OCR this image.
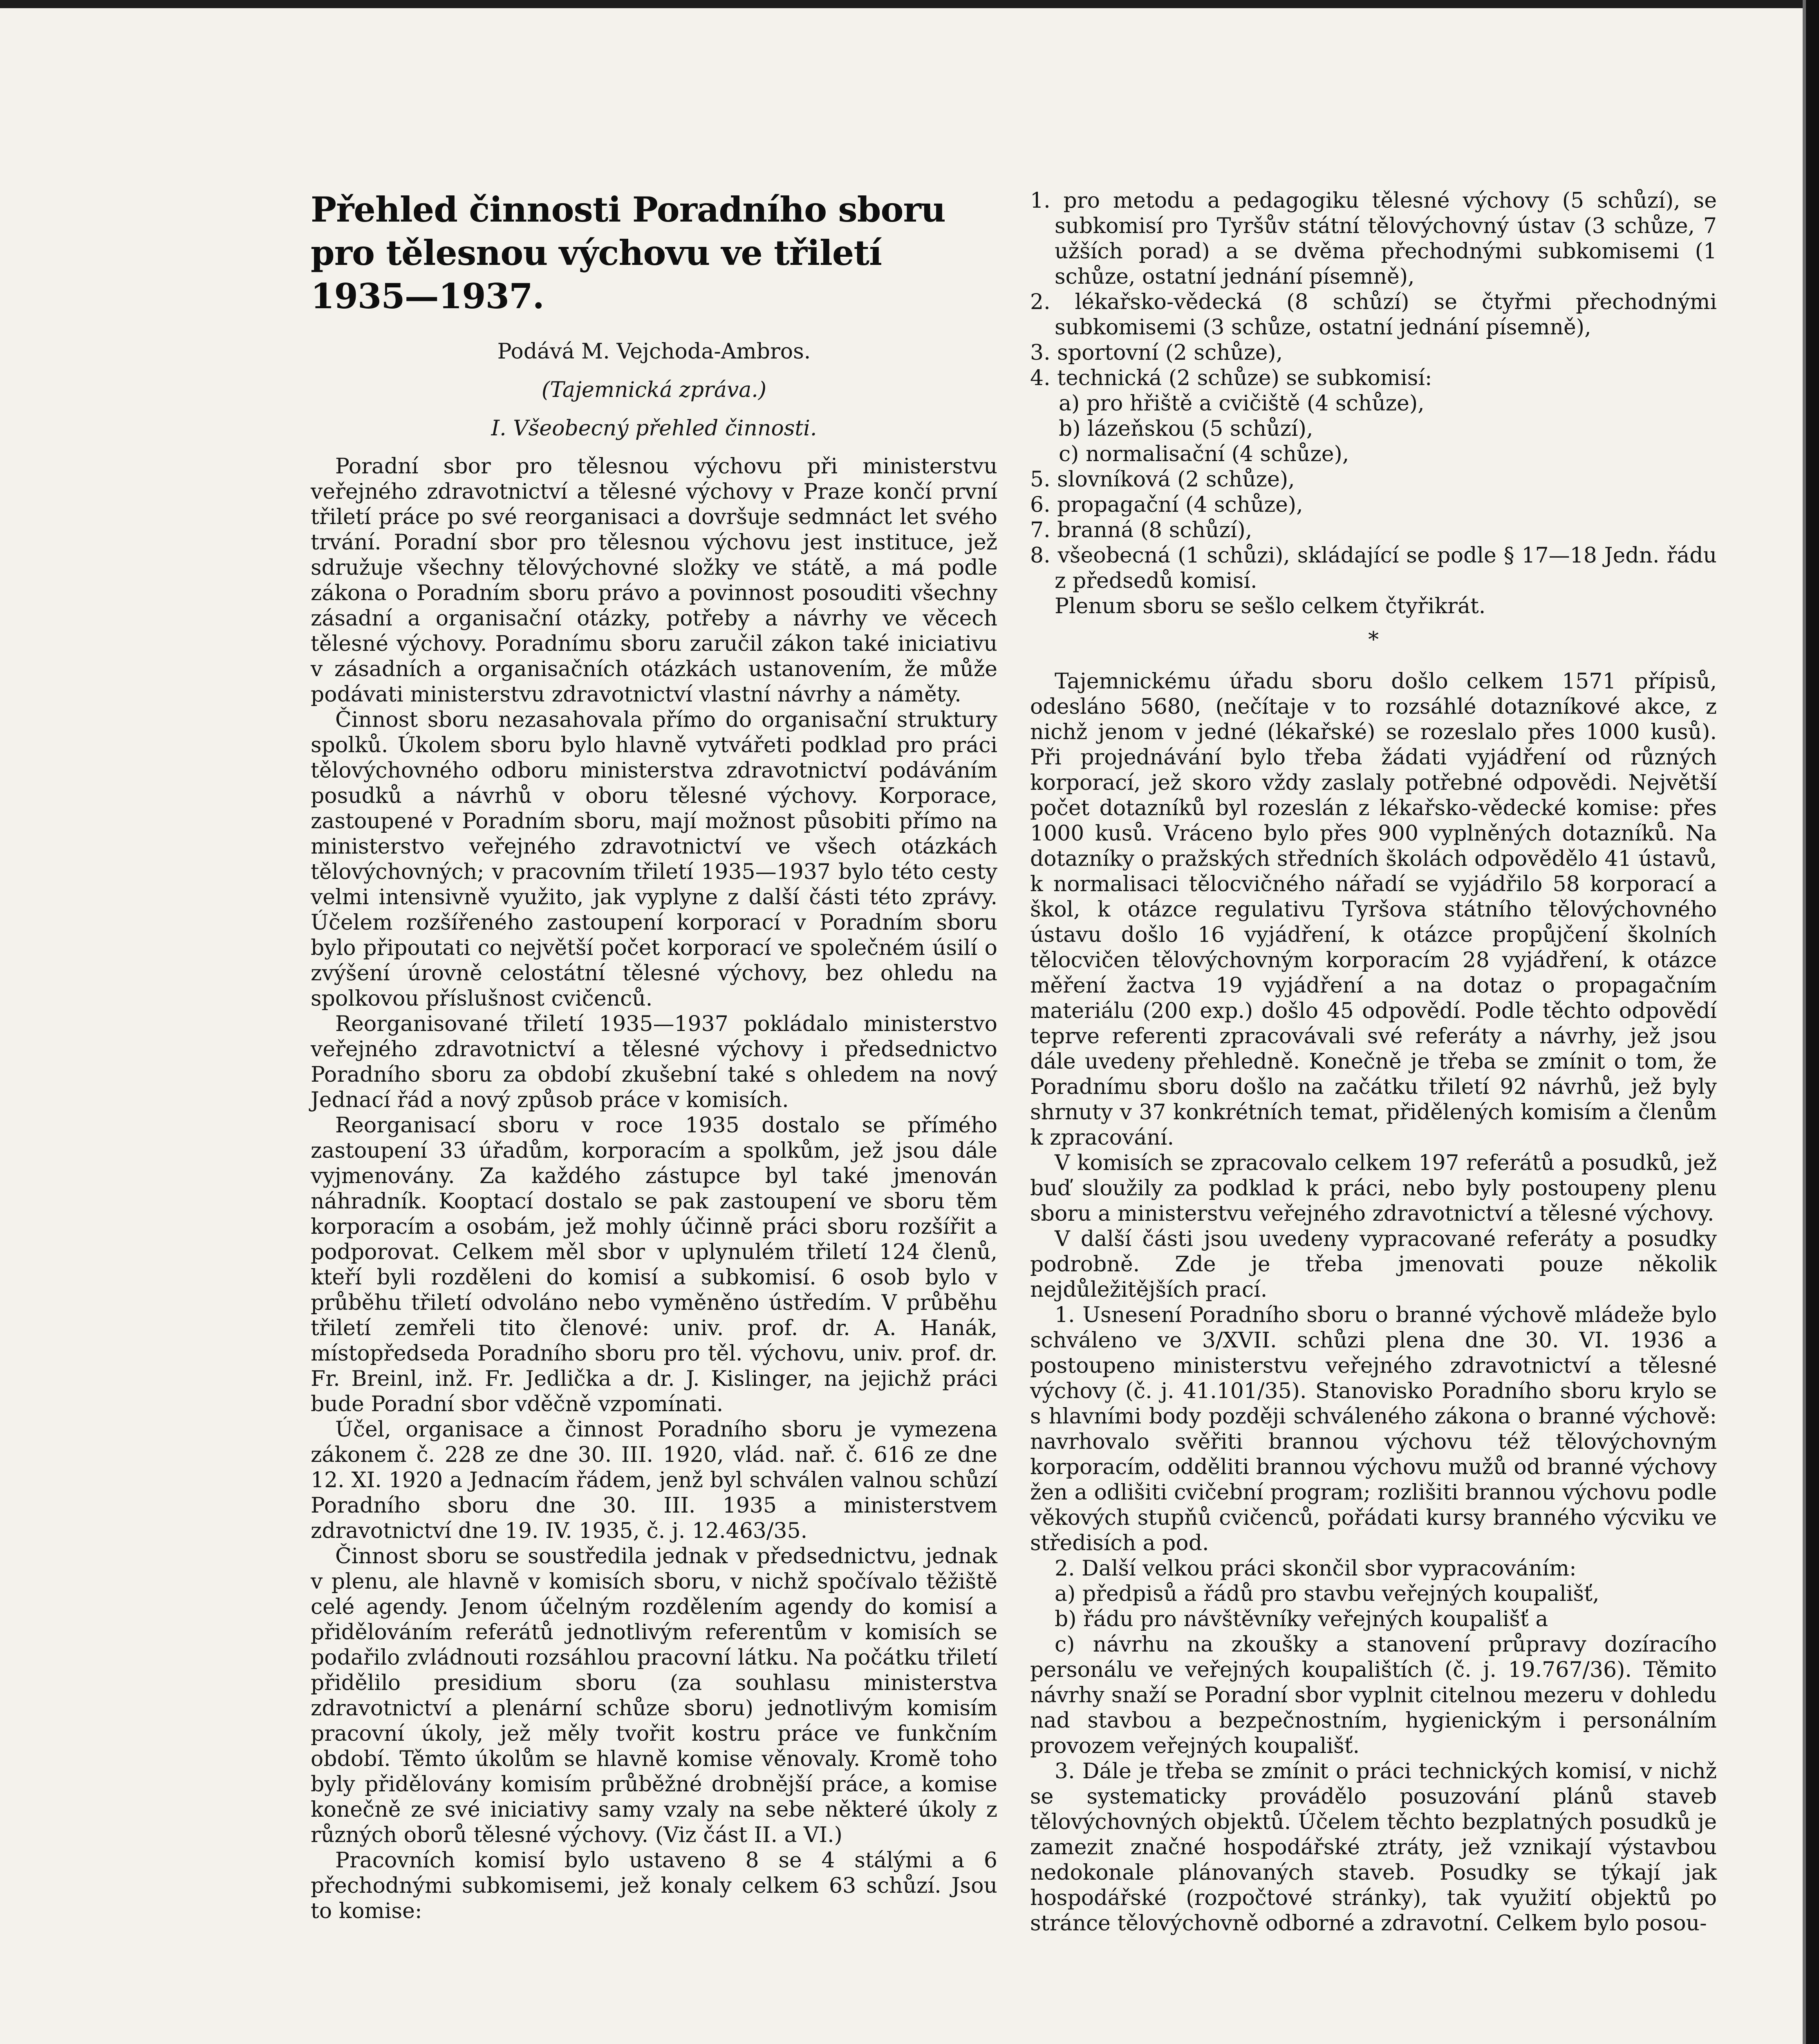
Přehled činnosti Poradního sboru
pro tělesnou výchovu ve třiletí
1935—1937.
Podává M. Vejchoda-Ambros.
(Tajemnická zpráva.)
I. Všeobecný přehled činnosti.

Poradní sbor pro tělesnou výchovu při ministerstvu veřejného zdravotnictví a tělesné výchovy v Praze končí první třiletí práce po své reorganisaci a dovršuje sedmnáct let svého trvání. Poradní sbor pro tělesnou výchovu jest instituce, jež sdružuje všechny tělovýchovné složky ve státě, a má podle zákona o Poradním sboru právo a povinnost posouditi všechny zásadní a organisační otázky, potřeby a návrhy ve věcech tělesné výchovy. Poradnímu sboru zaručil zákon také iniciativu v zásadních a organisačních otázkách ustanovením, že může podávati ministerstvu zdravotnictví vlastní návrhy a náměty.

Činnost sboru nezasahovala přímo do organisační struktury spolků. Úkolem sboru bylo hlavně vytvářeti podklad pro práci tělovýchovného odboru ministerstva zdravotnictví podáváním posudků a návrhů v oboru tělesné výchovy. Korporace, zastoupené v Poradním sboru, mají možnost působiti přímo na ministerstvo veřejného zdravotnictví ve všech otázkách tělovýchovných; v pracovním třiletí 1935—1937 bylo této cesty velmi intensivně využito, jak vyplyne z další části této zprávy. Účelem rozšířeného zastoupení korporací v Poradním sboru bylo připoutati co největší počet korporací ve společném úsilí o zvýšení úrovně celostátní tělesné výchovy, bez ohledu na spolkovou příslušnost cvičenců.

Reorganisované třiletí 1935—1937 pokládalo ministerstvo veřejného zdravotnictví a tělesné výchovy i předsednictvo Poradního sboru za období zkušební také s ohledem na nový Jednací řád a nový způsob práce v komisích.

Reorganisací sboru v roce 1935 dostalo se přímého zastoupení 33 úřadům, korporacím a spolkům, jež jsou dále vyjmenovány. Za každého zástupce byl také jmenován náhradník. Kooptací dostalo se pak zastoupení ve sboru těm korporacím a osobám, jež mohly účinně práci sboru rozšířit a podporovat. Celkem měl sbor v uplynulém třiletí 124 členů, kteří byli rozděleni do komisí a subkomisí. 6 osob bylo v průběhu třiletí odvoláno nebo vyměněno ústředím. V průběhu třiletí zemřeli tito členové: univ. prof. dr. A. Hanák, místopředseda Poradního sboru pro těl. výchovu, univ. prof. dr. Fr. Breinl, inž. Fr. Jedlička a dr. J. Kislinger, na jejichž práci bude Poradní sbor vděčně vzpomínati.

Účel, organisace a činnost Poradního sboru je vymezena zákonem č. 228 ze dne 30. III. 1920, vlád. nař. č. 616 ze dne 12. XI. 1920 a Jednacím řádem, jenž byl schválen valnou schůzí Poradního sboru dne 30. III. 1935 a ministerstvem zdravotnictví dne 19. IV. 1935, č. j. 12.463/35.

Činnost sboru se soustředila jednak v předsednictvu, jednak v plenu, ale hlavně v komisích sboru, v nichž spočívalo těžiště celé agendy. Jenom účelným rozdělením agendy do komisí a přidělováním referátů jednotlivým referentům v komisích se podařilo zvládnouti rozsáhlou pracovní látku. Na počátku třiletí přidělilo presidium sboru (za souhlasu ministerstva zdravotnictví a plenární schůze sboru) jednotlivým komisím pracovní úkoly, jež měly tvořit kostru práce ve funkčním období. Těmto úkolům se hlavně komise věnovaly. Kromě toho byly přidělovány komisím průběžné drobnější práce, a komise konečně ze své iniciativy samy vzaly na sebe některé úkoly z různých oborů tělesné výchovy. (Viz část II. a VI.)

Pracovních komisí bylo ustaveno 8 se 4 stálými a 6 přechodnými subkomisemi, jež konaly celkem 63 schůzí. Jsou to komise:

1. pro metodu a pedagogiku tělesné výchovy (5 schůzí), se subkomisí pro Tyršův státní tělovýchovný ústav (3 schůze, 7 užších porad) a se dvěma přechodnými subkomisemi (1 schůze, ostatní jednání písemně),
2. lékařsko-vědecká (8 schůzí) se čtyřmi přechodnými subkomisemi (3 schůze, ostatní jednání písemně),
3. sportovní (2 schůze),
4. technická (2 schůze) se subkomisí:
a) pro hřiště a cvičiště (4 schůze),
b) lázeňskou (5 schůzí),
c) normalisační (4 schůze),
5. slovníková (2 schůze),
6. propagační (4 schůze),
7. branná (8 schůzí),
8. všeobecná (1 schůzi), skládající se podle § 17—18 Jedn. řádu z předsedů komisí.

Plenum sboru se sešlo celkem čtyřikrát.

*

Tajemnickému úřadu sboru došlo celkem 1571 přípisů, odesláno 5680, (nečítaje v to rozsáhlé dotazníkové akce, z nichž jenom v jedné (lékařské) se rozeslalo přes 1000 kusů). Při projednávání bylo třeba žádati vyjádření od různých korporací, jež skoro vždy zaslaly potřebné odpovědi. Největší počet dotazníků byl rozeslán z lékařsko-vědecké komise: přes 1000 kusů. Vráceno bylo přes 900 vyplněných dotazníků. Na dotazníky o pražských středních školách odpovědělo 41 ústavů, k normalisaci tělocvičného nářadí se vyjádřilo 58 korporací a škol, k otázce regulativu Tyršova státního tělovýchovného ústavu došlo 16 vyjádření, k otázce propůjčení školních tělocvičen tělovýchovným korporacím 28 vyjádření, k otázce měření žactva 19 vyjádření a na dotaz o propagačním materiálu (200 exp.) došlo 45 odpovědí. Podle těchto odpovědí teprve referenti zpracovávali své referáty a návrhy, jež jsou dále uvedeny přehledně. Konečně je třeba se zmínit o tom, že Poradnímu sboru došlo na začátku třiletí 92 návrhů, jež byly shrnuty v 37 konkrétních temat, přidělených komisím a členům k zpracování.

V komisích se zpracovalo celkem 197 referátů a posudků, jež buď sloužily za podklad k práci, nebo byly postoupeny plenu sboru a ministerstvu veřejného zdravotnictví a tělesné výchovy.

V další části jsou uvedeny vypracované referáty a posudky podrobně. Zde je třeba jmenovati pouze několik nejdůležitějších prací.

1. Usnesení Poradního sboru o branné výchově mládeže bylo schváleno ve 3/XVII. schůzi plena dne 30. VI. 1936 a postoupeno ministerstvu veřejného zdravotnictví a tělesné výchovy (č. j. 41.101/35). Stanovisko Poradního sboru krylo se s hlavními body později schváleného zákona o branné výchově: navrhovalo svěřiti brannou výchovu též tělovýchovným korporacím, odděliti brannou výchovu mužů od branné výchovy žen a odlišiti cvičební program; rozlišiti brannou výchovu podle věkových stupňů cvičenců, pořádati kursy branného výcviku ve středisích a pod.

2. Další velkou práci skončil sbor vypracováním:

a) předpisů a řádů pro stavbu veřejných koupališť,

b) řádu pro návštěvníky veřejných koupališť a

c) návrhu na zkoušky a stanovení průpravy dozíracího personálu ve veřejných koupalištích (č. j. 19.767/36). Těmito návrhy snaží se Poradní sbor vyplnit citelnou mezeru v dohledu nad stavbou a bezpečnostním, hygienickým i personálním provozem veřejných koupališť.

3. Dále je třeba se zmínit o práci technických komisí, v nichž se systematicky provádělo posuzování plánů staveb tělovýchovných objektů. Účelem těchto bezplatných posudků je zamezit značné hospodářské ztráty, jež vznikají výstavbou nedokonale plánovaných staveb. Posudky se týkají jak hospodářské (rozpočtové stránky), tak využití objektů po stránce tělovýchovně odborné a zdravotní. Celkem bylo posou-
